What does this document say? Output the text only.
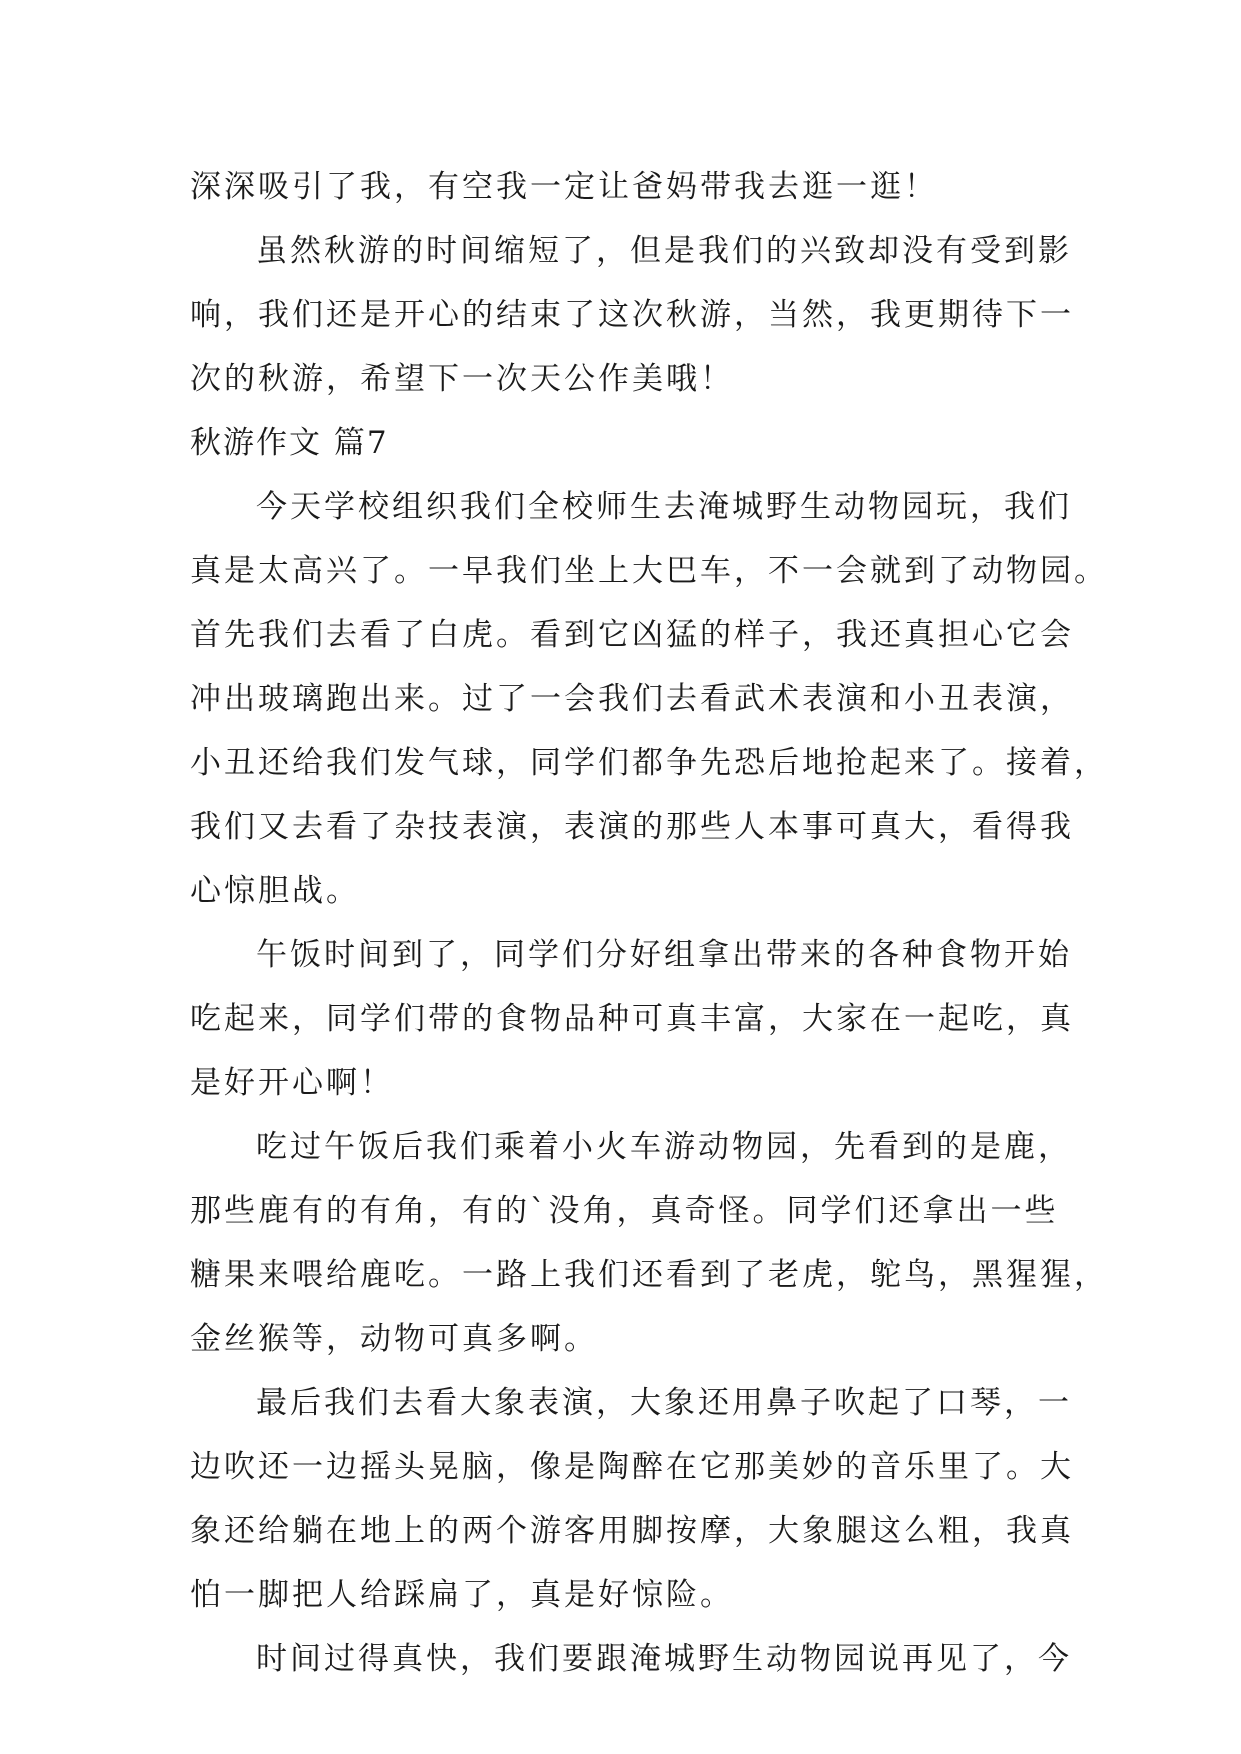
深深吸引了我，有空我一定让爸妈带我去逛一逛！
虽然秋游的时间缩短了，但是我们的兴致却没有受到影
响，我们还是开心的结束了这次秋游，当然，我更期待下一
次的秋游，希望下一次天公作美哦！
秋游作文 篇7
今天学校组织我们全校师生去淹城野生动物园玩，我们
真是太高兴了。一早我们坐上大巴车，不一会就到了动物园。
首先我们去看了白虎。看到它凶猛的样子，我还真担心它会
冲出玻璃跑出来。过了一会我们去看武术表演和小丑表演，
小丑还给我们发气球，同学们都争先恐后地抢起来了。接着，
我们又去看了杂技表演，表演的那些人本事可真大，看得我
心惊胆战。
午饭时间到了，同学们分好组拿出带来的各种食物开始
吃起来，同学们带的食物品种可真丰富，大家在一起吃，真
是好开心啊！
吃过午饭后我们乘着小火车游动物园，先看到的是鹿，
那些鹿有的有角，有的`没角，真奇怪。同学们还拿出一些
糖果来喂给鹿吃。一路上我们还看到了老虎，鸵鸟，黑猩猩，
金丝猴等，动物可真多啊。
最后我们去看大象表演，大象还用鼻子吹起了口琴，一
边吹还一边摇头晃脑，像是陶醉在它那美妙的音乐里了。大
象还给躺在地上的两个游客用脚按摩，大象腿这么粗，我真
怕一脚把人给踩扁了，真是好惊险。
时间过得真快，我们要跟淹城野生动物园说再见了，今
